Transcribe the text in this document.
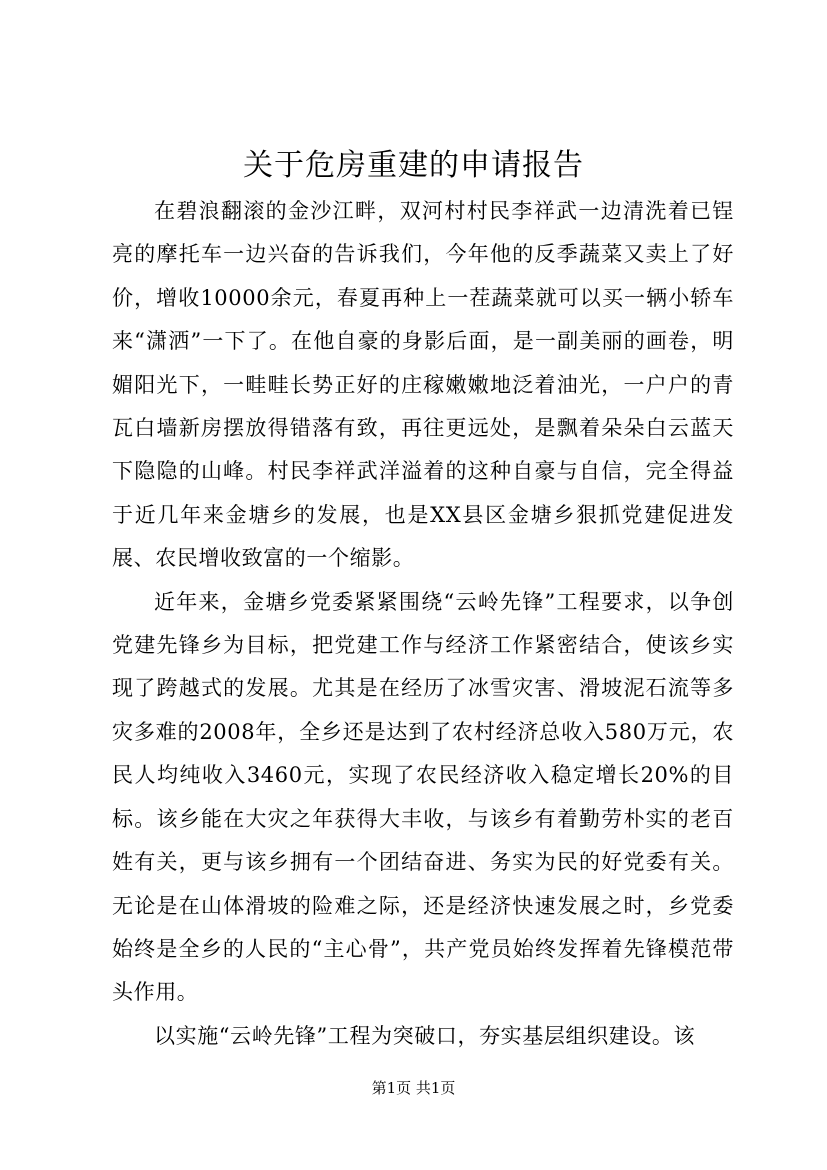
关于危房重建的申请报告

在碧浪翻滚的金沙江畔，双河村村民李祥武一边清洗着已锃亮的摩托车一边兴奋的告诉我们，今年他的反季蔬菜又卖上了好价，增收10000余元，春夏再种上一茬蔬菜就可以买一辆小轿车来“潇洒”一下了。在他自豪的身影后面，是一副美丽的画卷，明媚阳光下，一畦畦长势正好的庄稼嫩嫩地泛着油光，一户户的青瓦白墙新房摆放得错落有致，再往更远处，是飘着朵朵白云蓝天下隐隐的山峰。村民李祥武洋溢着的这种自豪与自信，完全得益于近几年来金塘乡的发展，也是XX县区金塘乡狠抓党建促进发展、农民增收致富的一个缩影。

近年来，金塘乡党委紧紧围绕“云岭先锋”工程要求，以争创党建先锋乡为目标，把党建工作与经济工作紧密结合，使该乡实现了跨越式的发展。尤其是在经历了冰雪灾害、滑坡泥石流等多灾多难的2008年，全乡还是达到了农村经济总收入580万元，农民人均纯收入3460元，实现了农民经济收入稳定增长20%的目标。该乡能在大灾之年获得大丰收，与该乡有着勤劳朴实的老百姓有关，更与该乡拥有一个团结奋进、务实为民的好党委有关。无论是在山体滑坡的险难之际，还是经济快速发展之时，乡党委始终是全乡的人民的“主心骨”，共产党员始终发挥着先锋模范带头作用。

以实施“云岭先锋”工程为突破口，夯实基层组织建设。该

第1页 共1页
